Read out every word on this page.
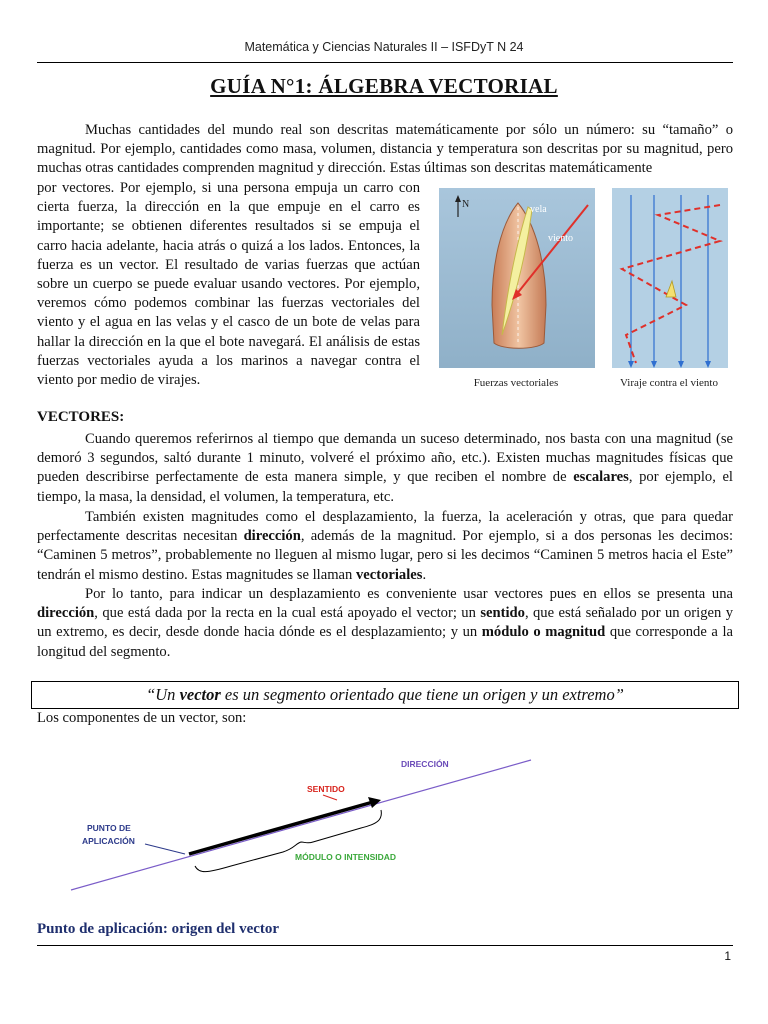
Matemática y Ciencias Naturales II – ISFDyT N 24
GUÍA N°1: ÁLGEBRA VECTORIAL
Muchas cantidades del mundo real son descritas matemáticamente por sólo un número: su “tamaño” o magnitud. Por ejemplo, cantidades como masa, volumen, distancia y temperatura son descritas por su magnitud, pero muchas otras cantidades comprenden magnitud y dirección. Estas últimas son descritas matemáticamente
por vectores. Por ejemplo, si una persona empuja un carro con cierta fuerza, la dirección en la que empuje en el carro es importante; se obtienen diferentes resultados si se empuja el carro hacia adelante, hacia atrás o quizá a los lados. Entonces, la fuerza es un vector. El resultado de varias fuerzas que actúan sobre un cuerpo se puede evaluar usando vectores. Por ejemplo, veremos cómo podemos combinar las fuerzas vectoriales del viento y el agua en las velas y el casco de un bote de velas para hallar la dirección en la que el bote navegará. El análisis de estas fuerzas vectoriales ayuda a los marinos a navegar contra el viento por medio de virajes.
N	vela
viento
Fuerzas vectoriales	Viraje contra el viento
VECTORES:
Cuando queremos referirnos al tiempo que demanda un suceso determinado, nos basta con una magnitud (se demoró 3 segundos, saltó durante 1 minuto, volveré el próximo año, etc.). Existen muchas magnitudes físicas que pueden describirse perfectamente de esta manera simple, y que reciben el nombre de escalares, por ejemplo, el tiempo, la masa, la densidad, el volumen, la temperatura, etc.
También existen magnitudes como el desplazamiento, la fuerza, la aceleración y otras, que para quedar perfectamente descritas necesitan dirección, además de la magnitud. Por ejemplo, si a dos personas les decimos: “Caminen 5 metros”, probablemente no lleguen al mismo lugar, pero si les decimos “Caminen 5 metros hacia el Este” tendrán el mismo destino. Estas magnitudes se llaman vectoriales.
Por lo tanto, para indicar un desplazamiento es conveniente usar vectores pues en ellos se presenta una dirección, que está dada por la recta en la cual está apoyado el vector; un sentido, que está señalado por un origen y un extremo, es decir, desde donde hacia dónde es el desplazamiento; y un módulo o magnitud que corresponde a la longitud del segmento.
“Un vector es un segmento orientado que tiene un origen y un extremo”
Los componentes de un vector, son:
DIRECCIÓN
SENTIDO
PUNTO DE
APLICACIÓN
MÓDULO O INTENSIDAD
Punto de aplicación: origen del vector
1
